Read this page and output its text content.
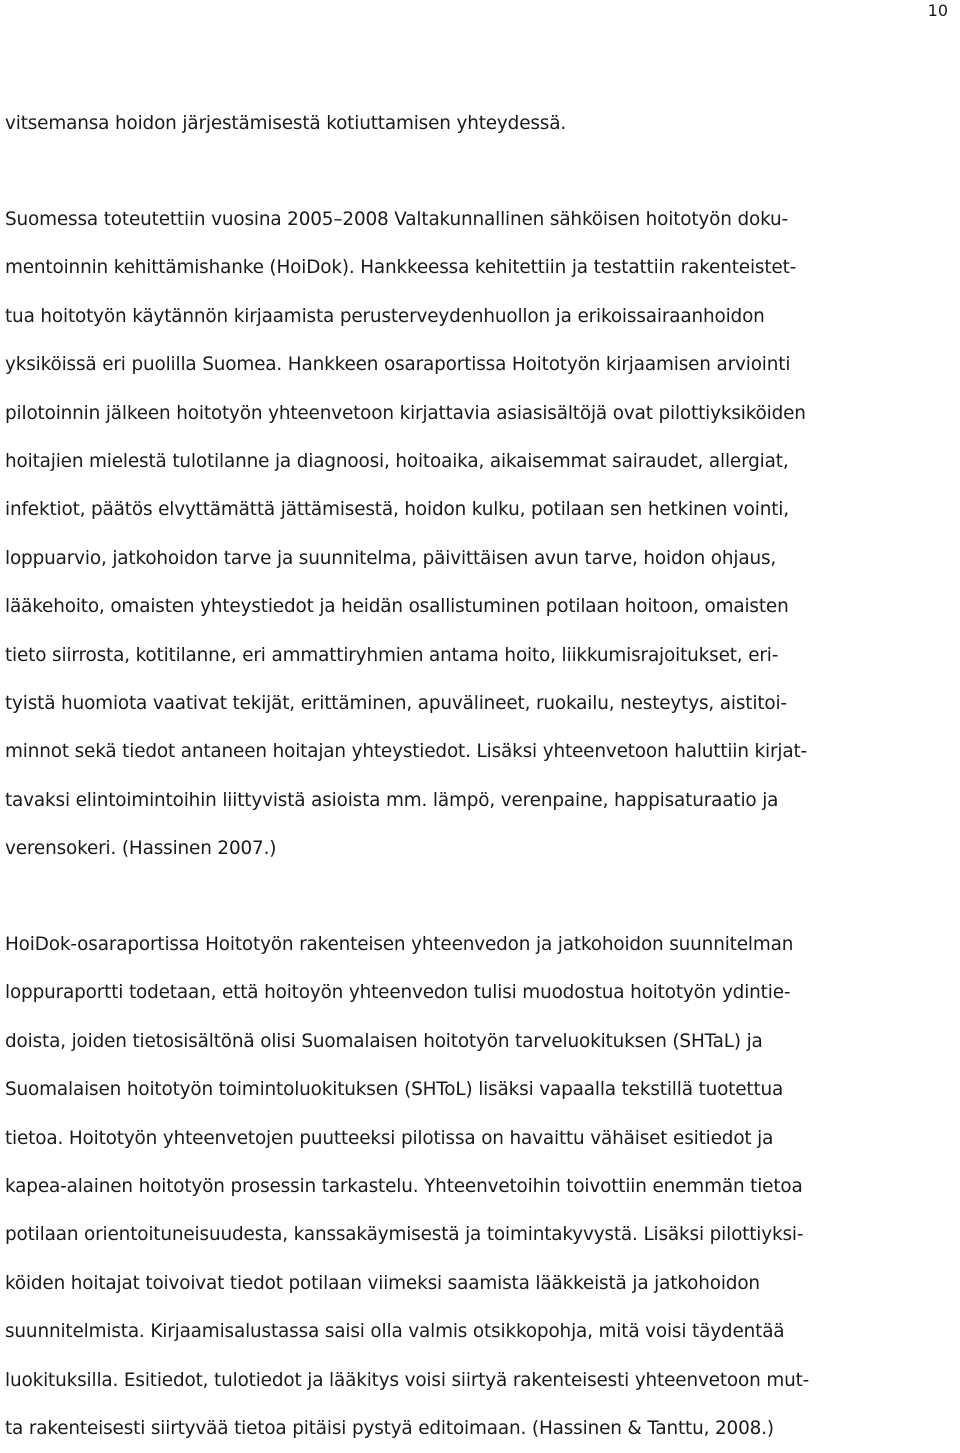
10
vitsemansa hoidon järjestämisestä kotiuttamisen yhteydessä.
Suomessa toteutettiin vuosina 2005–2008 Valtakunnallinen sähköisen hoitotyön doku-
mentoinnin kehittämishanke (HoiDok). Hankkeessa kehitettiin ja testattiin rakenteistet-
tua hoitotyön käytännön kirjaamista perusterveydenhuollon ja erikoissairaanhoidon
yksiköissä eri puolilla Suomea. Hankkeen osaraportissa Hoitotyön kirjaamisen arviointi
pilotoinnin jälkeen hoitotyön yhteenvetoon kirjattavia asiasisältöjä ovat pilottiyksiköiden
hoitajien mielestä tulotilanne ja diagnoosi, hoitoaika, aikaisemmat sairaudet, allergiat,
infektiot, päätös elvyttämättä jättämisestä, hoidon kulku, potilaan sen hetkinen vointi,
loppuarvio, jatkohoidon tarve ja suunnitelma, päivittäisen avun tarve, hoidon ohjaus,
lääkehoito, omaisten yhteystiedot ja heidän osallistuminen potilaan hoitoon, omaisten
tieto siirrosta, kotitilanne, eri ammattiryhmien antama hoito, liikkumisrajoitukset, eri-
tyistä huomiota vaativat tekijät, erittäminen, apuvälineet, ruokailu, nesteytys, aistitoi-
minnot sekä tiedot antaneen hoitajan yhteystiedot. Lisäksi yhteenvetoon haluttiin kirjat-
tavaksi elintoimintoihin liittyvistä asioista mm. lämpö, verenpaine, happisaturaatio ja
verensokeri. (Hassinen 2007.)
HoiDok-osaraportissa Hoitotyön rakenteisen yhteenvedon ja jatkohoidon suunnitelman
loppuraportti todetaan, että hoitoyön yhteenvedon tulisi muodostua hoitotyön ydintie-
doista, joiden tietosisältönä olisi Suomalaisen hoitotyön tarveluokituksen (SHTaL) ja
Suomalaisen hoitotyön toimintoluokituksen (SHToL) lisäksi vapaalla tekstillä tuotettua
tietoa. Hoitotyön yhteenvetojen puutteeksi pilotissa on havaittu vähäiset esitiedot ja
kapea-alainen hoitotyön prosessin tarkastelu. Yhteenvetoihin toivottiin enemmän tietoa
potilaan orientoituneisuudesta, kanssakäymisestä ja toimintakyvystä. Lisäksi pilottiyksi-
köiden hoitajat toivoivat tiedot potilaan viimeksi saamista lääkkeistä ja jatkohoidon
suunnitelmista. Kirjaamisalustassa saisi olla valmis otsikkopohja, mitä voisi täydentää
luokituksilla. Esitiedot, tulotiedot ja lääkitys voisi siirtyä rakenteisesti yhteenvetoon mut-
ta rakenteisesti siirtyvää tietoa pitäisi pystyä editoimaan. (Hassinen & Tanttu, 2008.)
